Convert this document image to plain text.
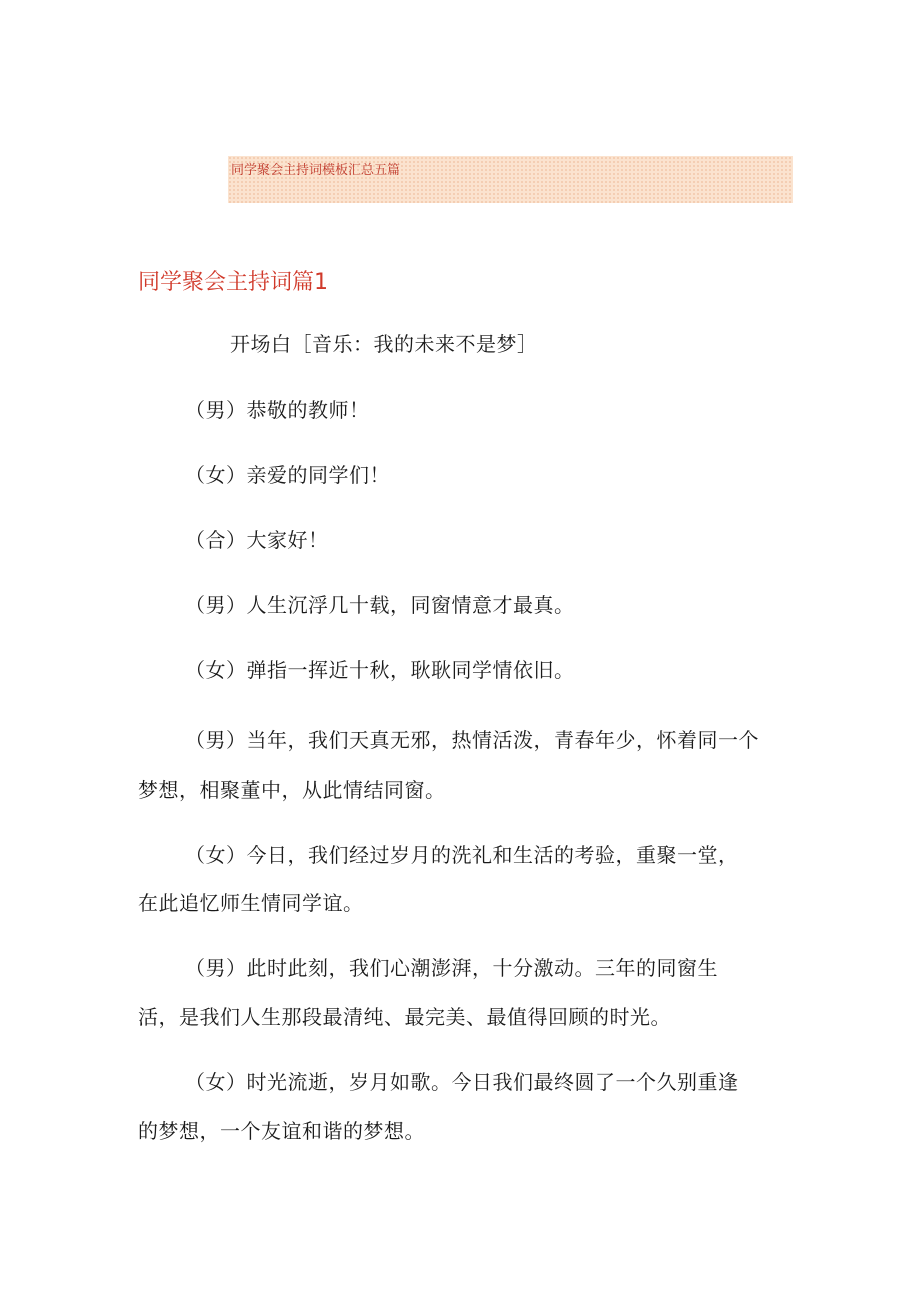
同学聚会主持词模板汇总五篇
同学聚会主持词篇1
开场白［音乐：我的未来不是梦］
（男）恭敬的教师！
（女）亲爱的同学们！
（合）大家好！
（男）人生沉浮几十载，同窗情意才最真。
（女）弹指一挥近十秋，耿耿同学情依旧。
（男）当年，我们天真无邪，热情活泼，青春年少，怀着同一个
梦想，相聚董中，从此情结同窗。
（女）今日，我们经过岁月的洗礼和生活的考验，重聚一堂，
在此追忆师生情同学谊。
（男）此时此刻，我们心潮澎湃，十分激动。三年的同窗生
活，是我们人生那段最清纯、最完美、最值得回顾的时光。
（女）时光流逝，岁月如歌。今日我们最终圆了一个久别重逢
的梦想，一个友谊和谐的梦想。
